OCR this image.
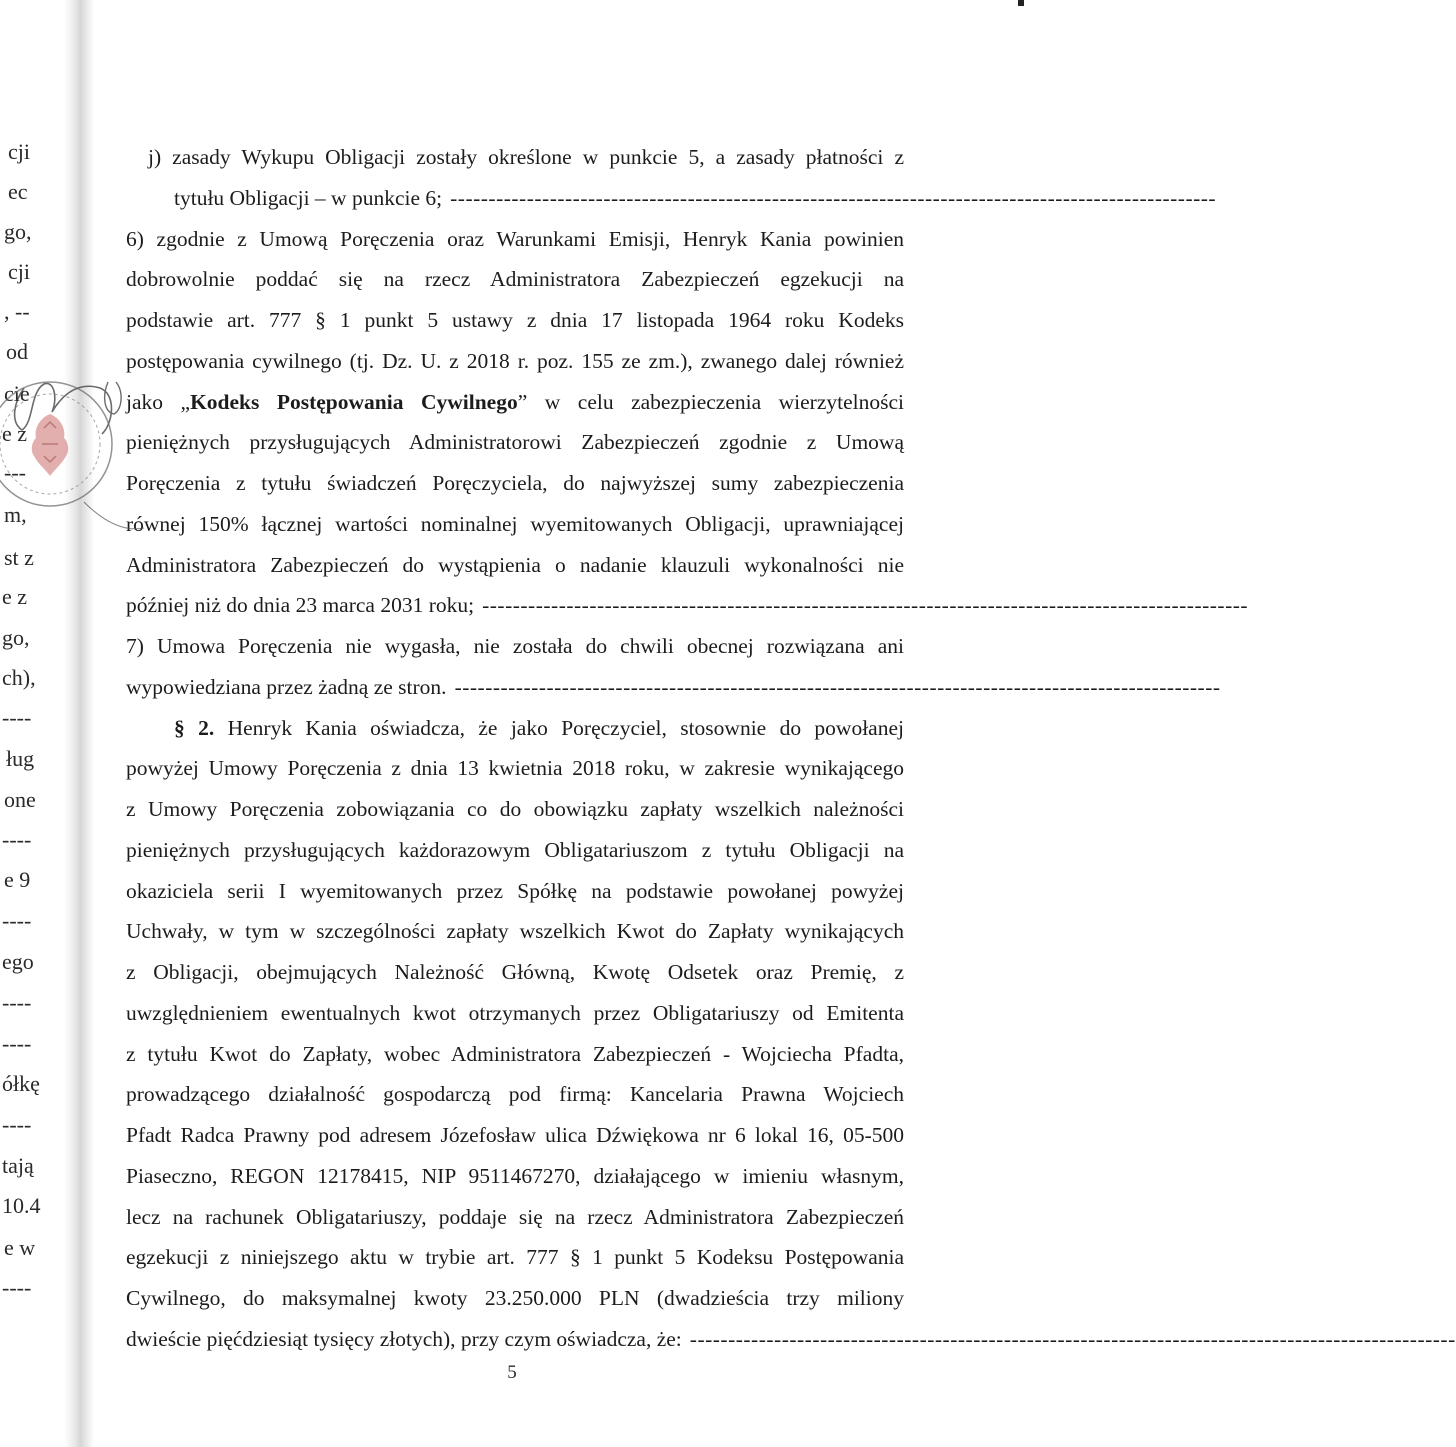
cji
ec
go,
cji
, --
od
cie
e z
---
m,
st z
e z
go,
ch),
----
ług
one
----
e 9
----
ego
----
----
ółkę
----
tają
10.4
e w
----
j) zasady Wykupu Obligacji zostały określone w punkcie 5, a zasady płatności z
tytułu Obligacji – w punkcie 6; ----------------------------------------------------------------------------------------------------
6) zgodnie z Umową Poręczenia oraz Warunkami Emisji, Henryk Kania powinien
dobrowolnie poddać się na rzecz Administratora Zabezpieczeń egzekucji na
podstawie art. 777 § 1 punkt 5 ustawy z dnia 17 listopada 1964 roku Kodeks
postępowania cywilnego (tj. Dz. U. z 2018 r. poz. 155 ze zm.), zwanego dalej również
jako „Kodeks Postępowania Cywilnego” w celu zabezpieczenia wierzytelności
pieniężnych przysługujących Administratorowi Zabezpieczeń zgodnie z Umową
Poręczenia z tytułu świadczeń Poręczyciela, do najwyższej sumy zabezpieczenia
równej 150% łącznej wartości nominalnej wyemitowanych Obligacji, uprawniającej
Administratora Zabezpieczeń do wystąpienia o nadanie klauzuli wykonalności nie
później niż do dnia 23 marca 2031 roku; ----------------------------------------------------------------------------------------------------
7) Umowa Poręczenia nie wygasła, nie została do chwili obecnej rozwiązana ani
wypowiedziana przez żadną ze stron. ----------------------------------------------------------------------------------------------------
§ 2. Henryk Kania oświadcza, że jako Poręczyciel, stosownie do powołanej
powyżej Umowy Poręczenia z dnia 13 kwietnia 2018 roku, w zakresie wynikającego
z Umowy Poręczenia zobowiązania co do obowiązku zapłaty wszelkich należności
pieniężnych przysługujących każdorazowym Obligatariuszom z tytułu Obligacji na
okaziciela serii I wyemitowanych przez Spółkę na podstawie powołanej powyżej
Uchwały, w tym w szczególności zapłaty wszelkich Kwot do Zapłaty wynikających
z Obligacji, obejmujących Należność Główną, Kwotę Odsetek oraz Premię, z
uwzględnieniem ewentualnych kwot otrzymanych przez Obligatariuszy od Emitenta
z tytułu Kwot do Zapłaty, wobec Administratora Zabezpieczeń - Wojciecha Pfadta,
prowadzącego działalność gospodarczą pod firmą: Kancelaria Prawna Wojciech
Pfadt Radca Prawny pod adresem Józefosław ulica Dźwiękowa nr 6 lokal 16, 05-500
Piaseczno, REGON 12178415, NIP 9511467270, działającego w imieniu własnym,
lecz na rachunek Obligatariuszy, poddaje się na rzecz Administratora Zabezpieczeń
egzekucji z niniejszego aktu w trybie art. 777 § 1 punkt 5 Kodeksu Postępowania
Cywilnego, do maksymalnej kwoty 23.250.000 PLN (dwadzieścia trzy miliony
dwieście pięćdziesiąt tysięcy złotych), przy czym oświadcza, że: ----------------------------------------------------------------------------------------------------
5
